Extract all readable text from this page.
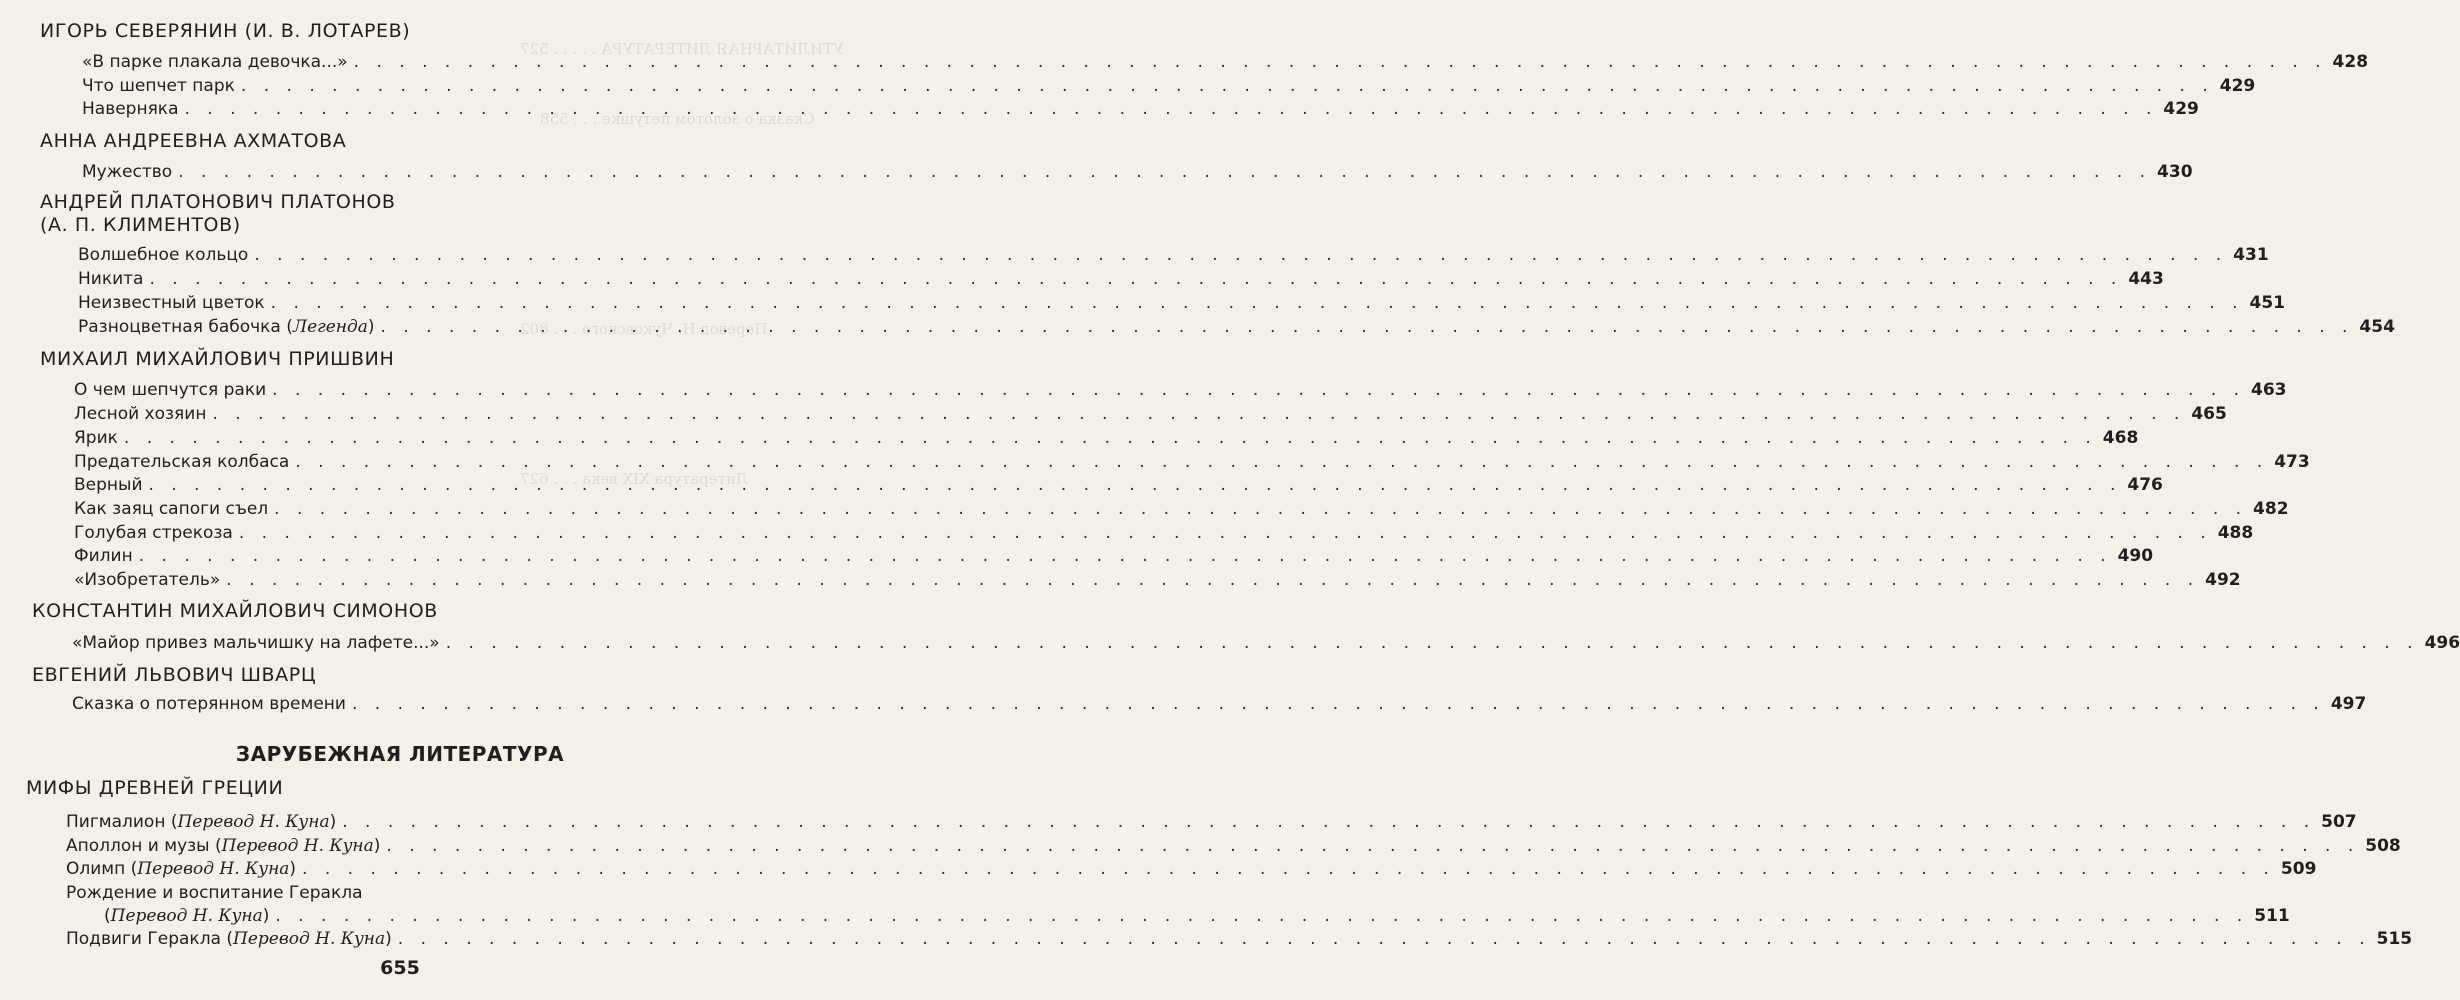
УТИЛИТАРНАЯ ЛИТЕРАТУРА . . . . . 527
Сказка о золотом петушке . . . 558
Перевод Н. Чуковского . . . 802
Литература XIX века . . . 627
ИГОРЬ СЕВЕРЯНИН (И. В. ЛОТАРЕВ)
«В парке плакала девочка...» . . .	428
Что шепчет парк . . .	429
Наверняка . . .	429
АННА АНДРЕЕВНА АХМАТОВА
Мужество . . .	430
АНДРЕЙ ПЛАТОНОВИЧ ПЛАТОНОВ
(А. П. КЛИМЕНТОВ)
Волшебное кольцо . . .	431
Никита . . .	443
Неизвестный цветок . . .	451
Разноцветная бабочка (Легенда) . . .	454
МИХАИЛ МИХАЙЛОВИЧ ПРИШВИН
О чем шепчутся раки . . .	463
Лесной хозяин . . .	465
Ярик . . .	468
Предательская колбаса . . .	473
Верный . . .	476
Как заяц сапоги съел . . .	482
Голубая стрекоза . . .	488
Филин . . .	490
«Изобретатель» . . .	492
КОНСТАНТИН МИХАЙЛОВИЧ СИМОНОВ
«Майор привез мальчишку на лафете...» . . .	496
ЕВГЕНИЙ ЛЬВОВИЧ ШВАРЦ
Сказка о потерянном времени . . .	497
ЗАРУБЕЖНАЯ ЛИТЕРАТУРА
МИФЫ ДРЕВНЕЙ ГРЕЦИИ
Пигмалион (Перевод Н. Куна) . . .	507
Аполлон и музы (Перевод Н. Куна) . . .	508
Олимп (Перевод Н. Куна) . . .	509
Рождение и воспитание Геракла
(Перевод Н. Куна) . . .	511
Подвиги Геракла (Перевод Н. Куна) . . .	515
655
